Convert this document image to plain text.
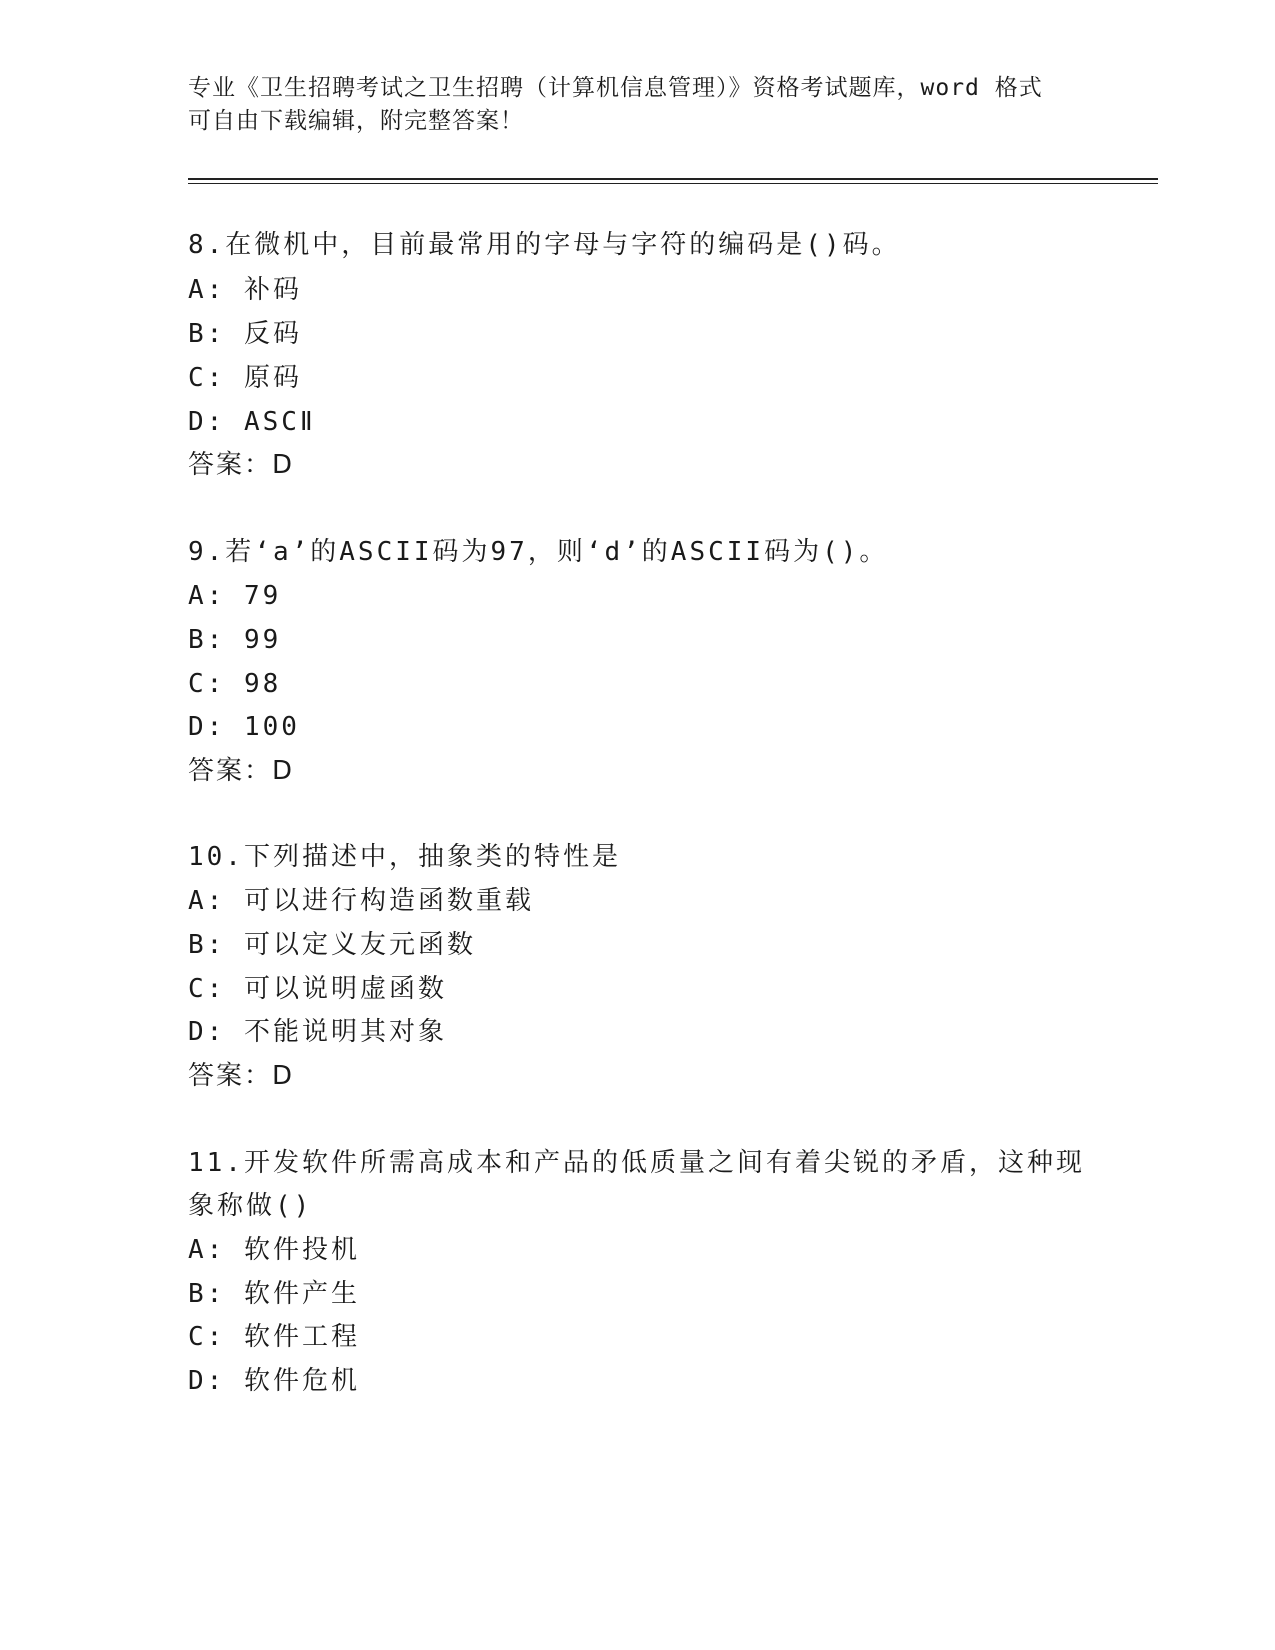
专业《卫生招聘考试之卫生招聘（计算机信息管理）》资格考试题库，word 格式
可自由下载编辑，附完整答案！
8.在微机中，目前最常用的字母与字符的编码是()码。
A: 补码
B: 反码
C: 原码
D: ASCⅡ
答案：D
9.若‘a’的ASCII码为97，则‘d’的ASCII码为()。
A: 79
B: 99
C: 98
D: 100
答案：D
10.下列描述中，抽象类的特性是
A: 可以进行构造函数重载
B: 可以定义友元函数
C: 可以说明虚函数
D: 不能说明其对象
答案：D
11.开发软件所需高成本和产品的低质量之间有着尖锐的矛盾，这种现
象称做()
A: 软件投机
B: 软件产生
C: 软件工程
D: 软件危机
